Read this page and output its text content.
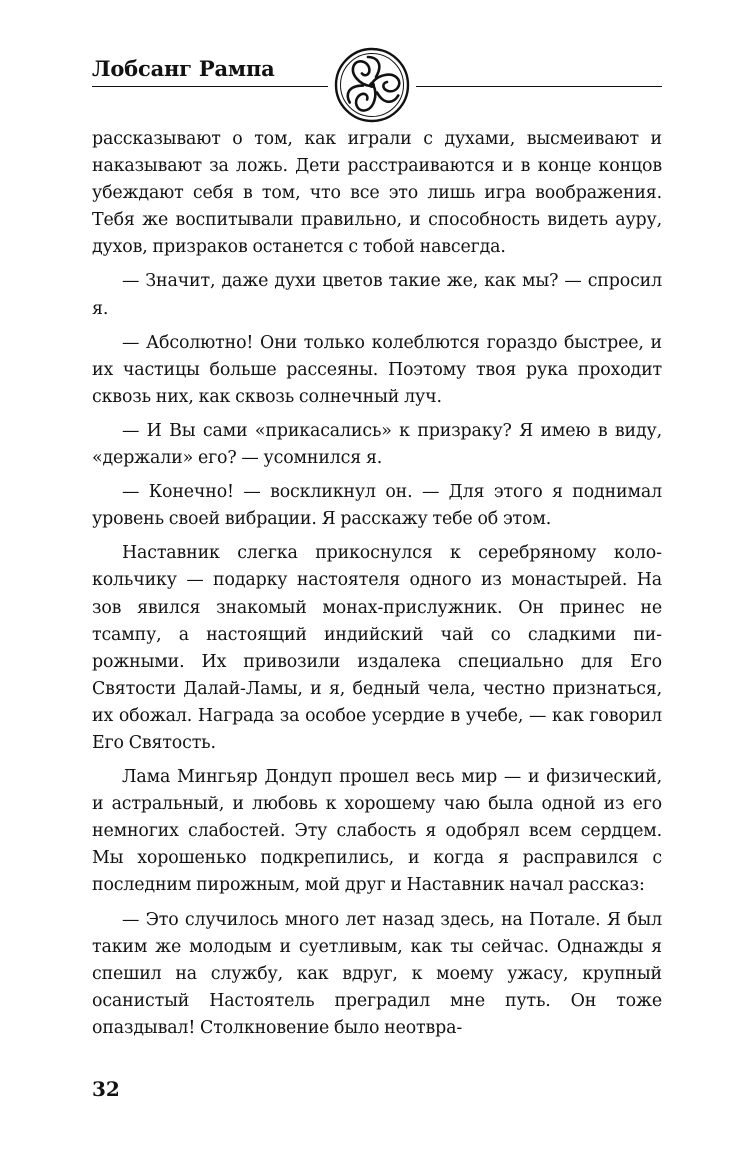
Лобсанг Рампа

рассказывают о том, как играли с духами, высмеивают и наказывают за ложь. Дети расстраиваются и в конце концов убеждают себя в том, что все это лишь игра воображения. Тебя же воспитывали правильно, и способность видеть ауру, духов, призраков останется с тобой навсегда.

— Значит, даже духи цветов такие же, как мы? — спросил я.

— Абсолютно! Они только колеблются гораздо быстрее, и их частицы больше рассеяны. Поэтому твоя рука проходит сквозь них, как сквозь солнечный луч.

— И Вы сами «прикасались» к призраку? Я имею в виду, «держали» его? — усомнился я.

— Конечно! — воскликнул он. — Для этого я поднимал уровень своей вибрации. Я расскажу тебе об этом.

Наставник слегка прикоснулся к серебряному колокольчику — подарку настоятеля одного из монастырей. На зов явился знакомый монах-прислужник. Он принес не тсампу, а настоящий индийский чай со сладкими пирожными. Их привозили издалека специально для Его Святости Далай-Ламы, и я, бедный чела, честно признаться, их обожал. Награда за особое усердие в учебе, — как говорил Его Святость.

Лама Мингьяр Дондуп прошел весь мир — и физический, и астральный, и любовь к хорошему чаю была одной из его немногих слабостей. Эту слабость я одобрял всем сердцем. Мы хорошенько подкрепились, и когда я расправился с последним пирожным, мой друг и Наставник начал рассказ:

— Это случилось много лет назад здесь, на Потале. Я был таким же молодым и суетливым, как ты сейчас. Однажды я спешил на службу, как вдруг, к моему ужасу, крупный осанистый Настоятель преградил мне путь. Он тоже опаздывал! Столкновение было неотвра-

32
